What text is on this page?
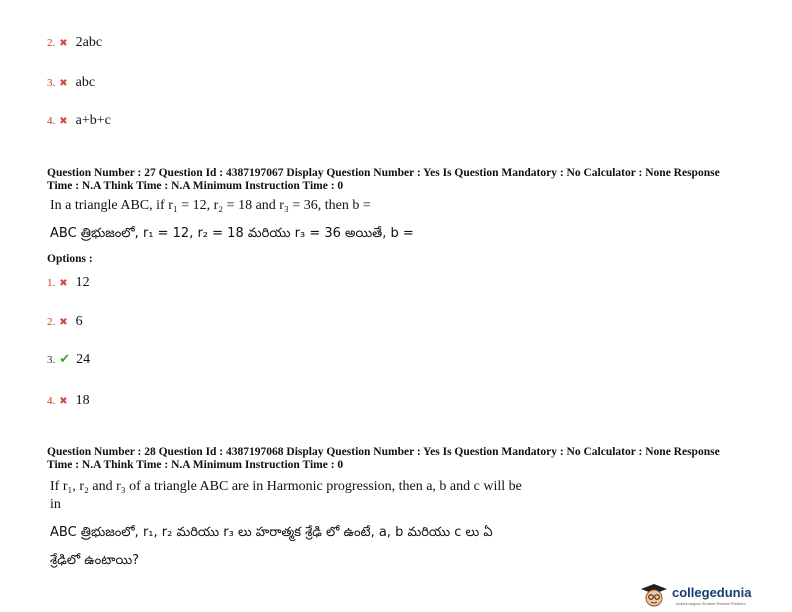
2. ✖ 2abc
3. ✖ abc
4. ✖ a+b+c
Question Number : 27 Question Id : 4387197067 Display Question Number : Yes Is Question Mandatory : No Calculator : None Response
Time : N.A Think Time : N.A Minimum Instruction Time : 0
In a triangle ABC, if r₁ = 12, r₂ = 18 and r₃ = 36, then b =
ABC త్రిభుజంలో, r₁ = 12, r₂ = 18 మరియు r₃ = 36 అయితే, b =
Options :
1. ✖ 12
2. ✖ 6
3. ✔ 24
4. ✖ 18
Question Number : 28 Question Id : 4387197068 Display Question Number : Yes Is Question Mandatory : No Calculator : None Response
Time : N.A Think Time : N.A Minimum Instruction Time : 0
If r₁, r₂ and r₃ of a triangle ABC are in Harmonic progression, then a, b and c will be
in
ABC త్రిభుజంలో, r₁, r₂ మరియు r₃ లు హరాత్మక శ్రేఢి లో ఉంటే, a, b మరియు c లు ఏ
శ్రేఢిలో ఉంటాయి?
collegedunia
India's largest Student Review Platform
